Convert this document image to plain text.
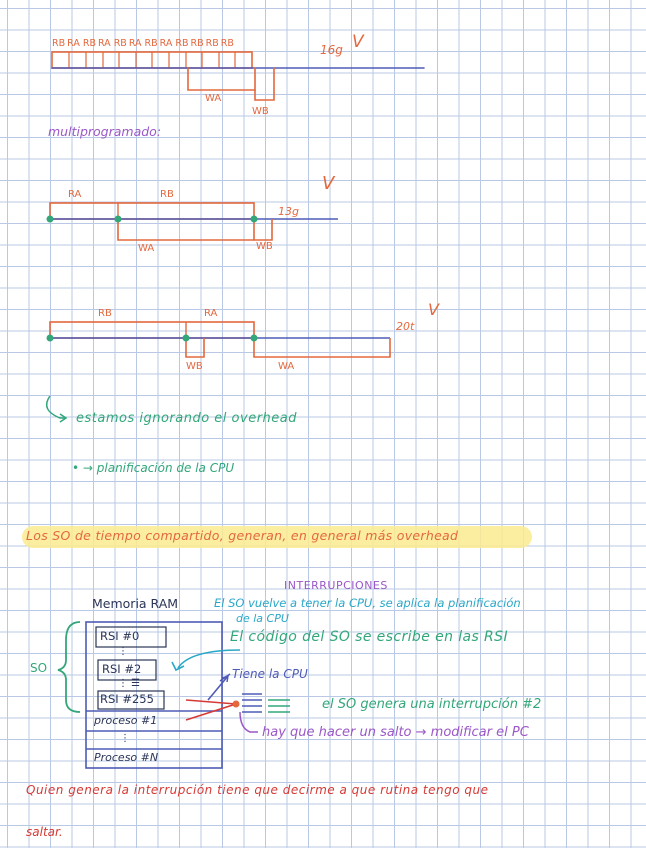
RB RA RB RA RB RA RB RA RB RB RB RB	16g V
WA
WB
multiprogramado:
RA	RB
13g
V
WA	WB
RB	RA
20t
V
WB	WA
estamos ignorando el overhead
• → planificación de la CPU
Los SO de tiempo compartido, generan, en general más overhead
INTERRUPCIONES
Memoria RAM	El SO vuelve a tener la CPU, se aplica la planificación
de la CPU
El código del SO se escribe en las RSI
Tiene la CPU
el SO genera una interrupción #2
hay que hacer un salto → modificar el PC
SO
RSI #0
⋮
RSI #2
⋮ ☰
RSI #255
proceso #1
⋮
Proceso #N
Quien genera la interrupción tiene que decirme a que rutina tengo que
saltar.
